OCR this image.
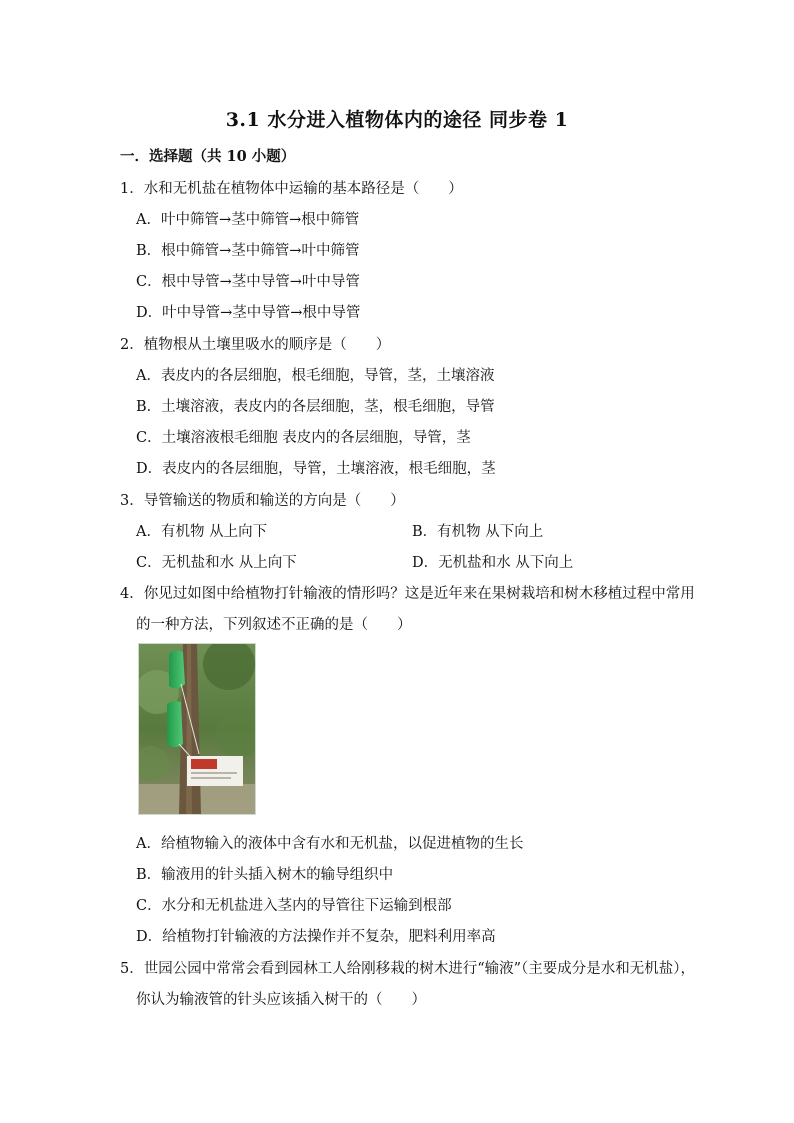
3.1 水分进入植物体内的途径 同步卷 1
一．选择题（共 10 小题）
1．水和无机盐在植物体中运输的基本路径是（　　）
A．叶中筛管→茎中筛管→根中筛管
B．根中筛管→茎中筛管→叶中筛管
C．根中导管→茎中导管→叶中导管
D．叶中导管→茎中导管→根中导管
2．植物根从土壤里吸水的顺序是（　　）
A．表皮内的各层细胞，根毛细胞，导管，茎，土壤溶液
B．土壤溶液，表皮内的各层细胞，茎，根毛细胞，导管
C．土壤溶液根毛细胞 表皮内的各层细胞，导管，茎
D．表皮内的各层细胞，导管，土壤溶液，根毛细胞，茎
3．导管输送的物质和输送的方向是（　　）
A．有机物 从上向下	B．有机物 从下向上
C．无机盐和水 从上向下	D．无机盐和水 从下向上
4．你见过如图中给植物打针输液的情形吗？这是近年来在果树栽培和树木移植过程中常用
的一种方法，下列叙述不正确的是（　　）
A．给植物输入的液体中含有水和无机盐，以促进植物的生长
B．输液用的针头插入树木的输导组织中
C．水分和无机盐进入茎内的导管往下运输到根部
D．给植物打针输液的方法操作并不复杂，肥料利用率高
5．世园公园中常常会看到园林工人给刚移栽的树木进行“输液”（主要成分是水和无机盐），
你认为输液管的针头应该插入树干的（　　）
